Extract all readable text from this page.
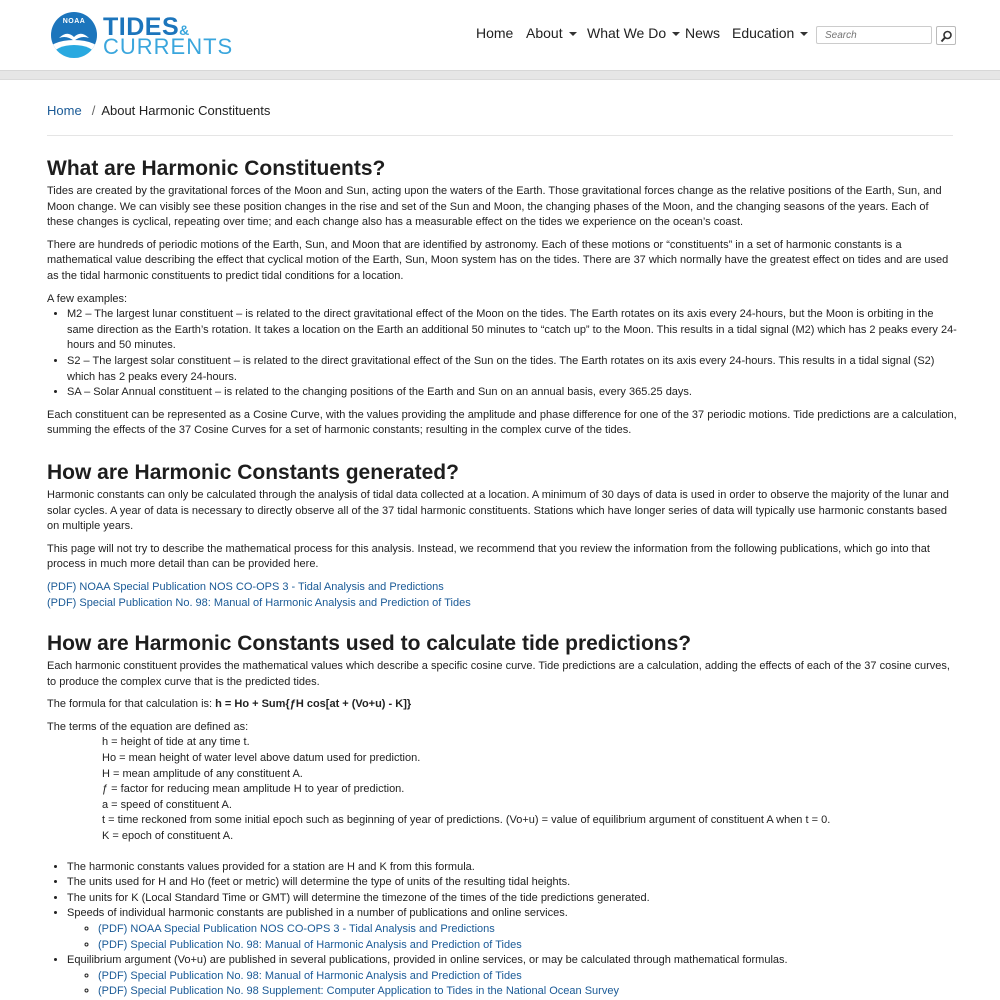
NOAA TIDES&
CURRENTS
Home About	What We Do	News Education
Search
Home / About Harmonic Constituents
What are Harmonic Constituents?

Tides are created by the gravitational forces of the Moon and Sun, acting upon the waters of the Earth. Those gravitational forces change as the relative positions of the Earth, Sun, and Moon change. We can visibly see these position changes in the rise and set of the Sun and Moon, the changing phases of the Moon, and the changing seasons of the years. Each of these changes is cyclical, repeating over time; and each change also has a measurable effect on the tides we experience on the ocean’s coast.

There are hundreds of periodic motions of the Earth, Sun, and Moon that are identified by astronomy. Each of these motions or “constituents” in a set of harmonic constants is a mathematical value describing the effect that cyclical motion of the Earth, Sun, Moon system has on the tides. There are 37 which normally have the greatest effect on tides and are used as the tidal harmonic constituents to predict tidal conditions for a location.

A few examples:

• M2 – The largest lunar constituent – is related to the direct gravitational effect of the Moon on the tides. The Earth rotates on its axis every 24-hours, but the Moon is orbiting in the same direction as the Earth’s rotation. It takes a location on the Earth an additional 50 minutes to “catch up” to the Moon. This results in a tidal signal (M2) which has 2 peaks every 24-hours and 50 minutes.
• S2 – The largest solar constituent – is related to the direct gravitational effect of the Sun on the tides. The Earth rotates on its axis every 24-hours. This results in a tidal signal (S2) which has 2 peaks every 24-hours.
• SA – Solar Annual constituent – is related to the changing positions of the Earth and Sun on an annual basis, every 365.25 days.

Each constituent can be represented as a Cosine Curve, with the values providing the amplitude and phase difference for one of the 37 periodic motions. Tide predictions are a calculation, summing the effects of the 37 Cosine Curves for a set of harmonic constants; resulting in the complex curve of the tides.

How are Harmonic Constants generated?

Harmonic constants can only be calculated through the analysis of tidal data collected at a location. A minimum of 30 days of data is used in order to observe the majority of the lunar and solar cycles. A year of data is necessary to directly observe all of the 37 tidal harmonic constituents. Stations which have longer series of data will typically use harmonic constants based on multiple years.

This page will not try to describe the mathematical process for this analysis. Instead, we recommend that you review the information from the following publications, which go into that process in much more detail than can be provided here.

(PDF) NOAA Special Publication NOS CO-OPS 3 - Tidal Analysis and Predictions

(PDF) Special Publication No. 98: Manual of Harmonic Analysis and Prediction of Tides

How are Harmonic Constants used to calculate tide predictions?

Each harmonic constituent provides the mathematical values which describe a specific cosine curve. Tide predictions are a calculation, adding the effects of each of the 37 cosine curves, to produce the complex curve that is the predicted tides.

The formula for that calculation is: h = Ho + Sum{ƒH cos[at + (Vo+u) - K]}

The terms of the equation are defined as:

h = height of tide at any time t.
Ho = mean height of water level above datum used for prediction.
H = mean amplitude of any constituent A.
ƒ = factor for reducing mean amplitude H to year of prediction.
a = speed of constituent A.
t = time reckoned from some initial epoch such as beginning of year of predictions. (Vo+u) = value of equilibrium argument of constituent A when t = 0.
K = epoch of constituent A.
• The harmonic constants values provided for a station are H and K from this formula.
• The units used for H and Ho (feet or metric) will determine the type of units of the resulting tidal heights.
• The units for K (Local Standard Time or GMT) will determine the timezone of the times of the tide predictions generated.
• Speeds of individual harmonic constants are published in a number of publications and online services.
◦ (PDF) NOAA Special Publication NOS CO-OPS 3 - Tidal Analysis and Predictions
◦ (PDF) Special Publication No. 98: Manual of Harmonic Analysis and Prediction of Tides
• Equilibrium argument (Vo+u) are published in several publications, provided in online services, or may be calculated through mathematical formulas.
◦ (PDF) Special Publication No. 98: Manual of Harmonic Analysis and Prediction of Tides
◦ (PDF) Special Publication No. 98 Supplement: Computer Application to Tides in the National Ocean Survey
